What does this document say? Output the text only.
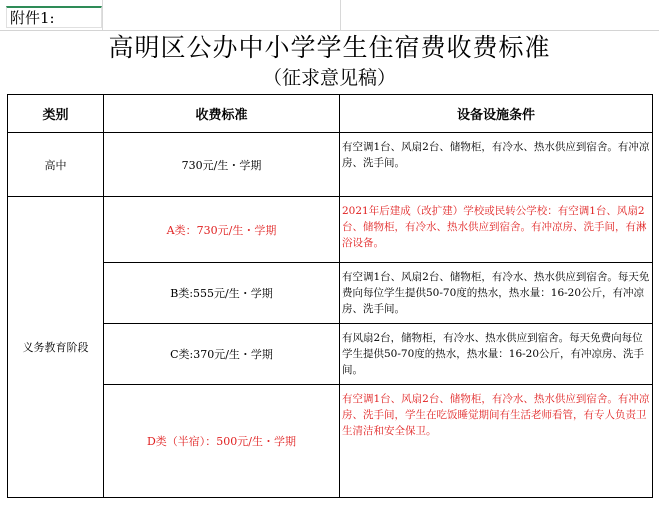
附件1:
高明区公办中小学学生住宿费收费标准
（征求意见稿）
类别	收费标准	设备设施条件
高中	730元/生・学期	有空调1台、风扇2台、储物柜，有冷水、热水供应到宿舍。有冲凉房、洗手间。
义务教育阶段	A类：730元/生・学期	2021年后建成（改扩建）学校或民转公学校：有空调1台、风扇2台、储物柜，有冷水、热水供应到宿舍。有冲凉房、洗手间，有淋浴设备。
	B类:555元/生・学期	有空调1台、风扇2台、储物柜，有冷水、热水供应到宿舍。每天免费向每位学生提供50-70度的热水，热水量：16-20公斤，有冲凉房、洗手间。
	C类:370元/生・学期	有风扇2台，储物柜，有冷水、热水供应到宿舍。每天免费向每位学生提供50-70度的热水，热水量：16-20公斤，有冲凉房、洗手间。
	D类（半宿）：500元/生・学期	有空调1台、风扇2台、储物柜，有冷水、热水供应到宿舍。有冲凉房、洗手间，学生在吃饭睡觉期间有生活老师看管，有专人负责卫生清洁和安全保卫。
